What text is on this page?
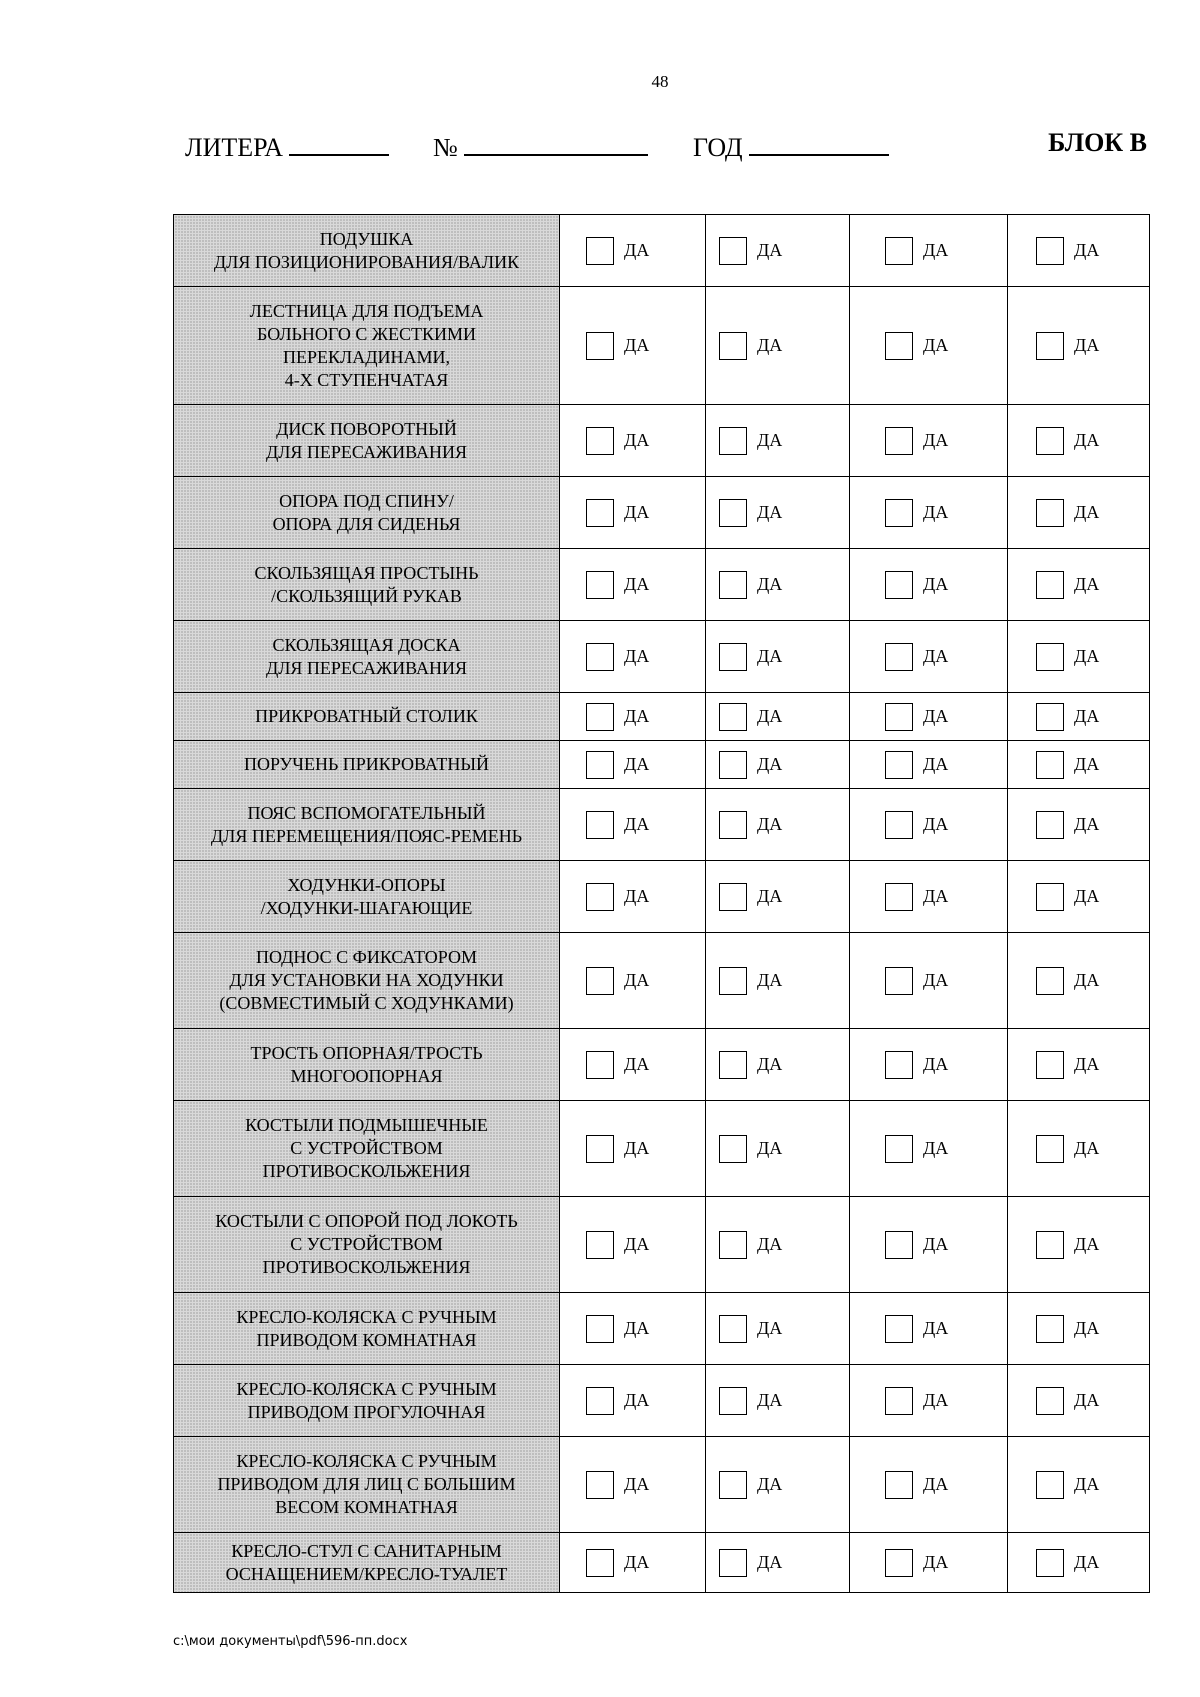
48
ЛИТЕРА	№	ГОД	БЛОК В
ПОДУШКА
ДЛЯ ПОЗИЦИОНИРОВАНИЯ/ВАЛИК	ДА	ДА	ДА	ДА

ЛЕСТНИЦА ДЛЯ ПОДЪЕМА
БОЛЬНОГО С ЖЕСТКИМИ
ПЕРЕКЛАДИНАМИ,
4-Х СТУПЕНЧАТАЯ	ДА	ДА	ДА	ДА

ДИСК ПОВОРОТНЫЙ
ДЛЯ ПЕРЕСАЖИВАНИЯ	ДА	ДА	ДА	ДА

ОПОРА ПОД СПИНУ/
ОПОРА ДЛЯ СИДЕНЬЯ	ДА	ДА	ДА	ДА

СКОЛЬЗЯЩАЯ ПРОСТЫНЬ
/СКОЛЬЗЯЩИЙ РУКАВ	ДА	ДА	ДА	ДА

СКОЛЬЗЯЩАЯ ДОСКА
ДЛЯ ПЕРЕСАЖИВАНИЯ	ДА	ДА	ДА	ДА

ПРИКРОВАТНЫЙ СТОЛИК	ДА	ДА	ДА	ДА

ПОРУЧЕНЬ ПРИКРОВАТНЫЙ	ДА	ДА	ДА	ДА

ПОЯС ВСПОМОГАТЕЛЬНЫЙ
ДЛЯ ПЕРЕМЕЩЕНИЯ/ПОЯС-РЕМЕНЬ	ДА	ДА	ДА	ДА

ХОДУНКИ-ОПОРЫ
/ХОДУНКИ-ШАГАЮЩИЕ	ДА	ДА	ДА	ДА

ПОДНОС С ФИКСАТОРОМ
ДЛЯ УСТАНОВКИ НА ХОДУНКИ
(СОВМЕСТИМЫЙ С ХОДУНКАМИ)	ДА	ДА	ДА	ДА

ТРОСТЬ ОПОРНАЯ/ТРОСТЬ
МНОГООПОРНАЯ	ДА	ДА	ДА	ДА

КОСТЫЛИ ПОДМЫШЕЧНЫЕ
С УСТРОЙСТВОМ
ПРОТИВОСКОЛЬЖЕНИЯ	ДА	ДА	ДА	ДА

КОСТЫЛИ С ОПОРОЙ ПОД ЛОКОТЬ
С УСТРОЙСТВОМ
ПРОТИВОСКОЛЬЖЕНИЯ	ДА	ДА	ДА	ДА

КРЕСЛО-КОЛЯСКА С РУЧНЫМ
ПРИВОДОМ КОМНАТНАЯ	ДА	ДА	ДА	ДА

КРЕСЛО-КОЛЯСКА С РУЧНЫМ
ПРИВОДОМ ПРОГУЛОЧНАЯ	ДА	ДА	ДА	ДА

КРЕСЛО-КОЛЯСКА С РУЧНЫМ
ПРИВОДОМ ДЛЯ ЛИЦ С БОЛЬШИМ
ВЕСОМ КОМНАТНАЯ	ДА	ДА	ДА	ДА

КРЕСЛО-СТУЛ С САНИТАРНЫМ
ОСНАЩЕНИЕМ/КРЕСЛО-ТУАЛЕТ	ДА	ДА	ДА	ДА
c:\мои документы\pdf\596-пп.docx
